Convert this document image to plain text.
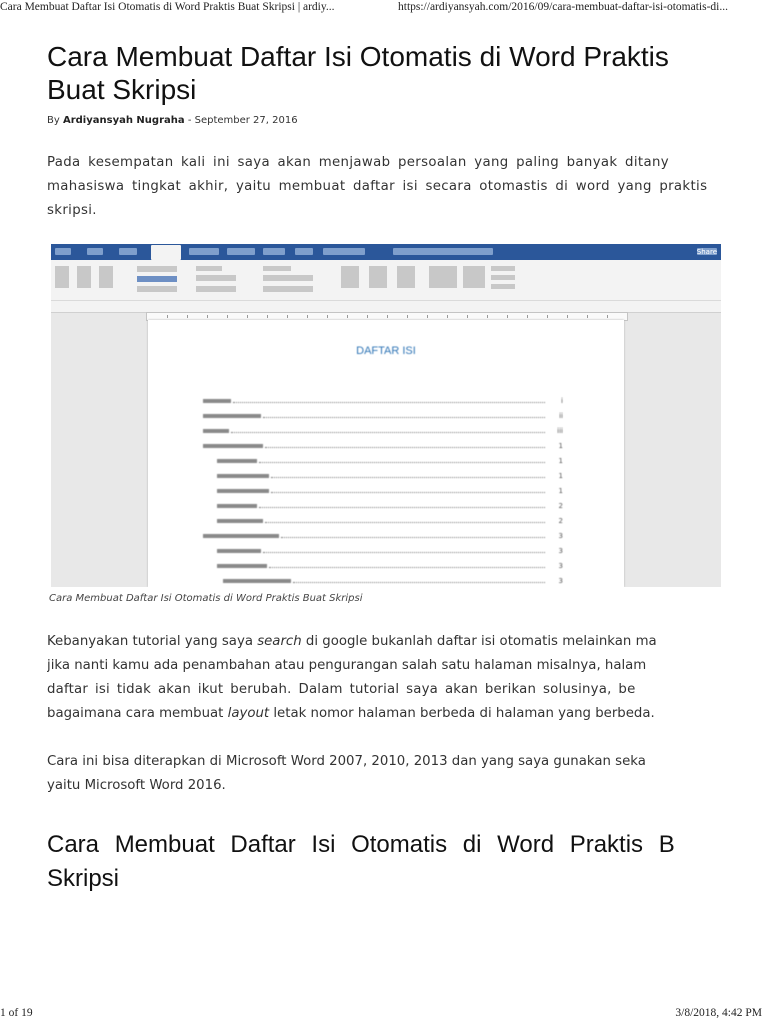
Cara Membuat Daftar Isi Otomatis di Word Praktis Buat Skripsi | ardiy...	https://ardiyansyah.com/2016/09/cara-membuat-daftar-isi-otomatis-di...
Cara Membuat Daftar Isi Otomatis di Word Praktis
Buat Skripsi
By Ardiyansyah Nugraha - September 27, 2016

Pada kesempatan kali ini saya akan menjawab persoalan yang paling banyak ditany
mahasiswa tingkat akhir, yaitu membuat daftar isi secara otomastis di word yang praktis
skripsi.

Share
DAFTAR ISI
i
ii
iii
1
1
1
1
2
2
3
3
3
3
Cara Membuat Daftar Isi Otomatis di Word Praktis Buat Skripsi

Kebanyakan tutorial yang saya search di google bukanlah daftar isi otomatis melainkan ma
jika nanti kamu ada penambahan atau pengurangan salah satu halaman misalnya, halam
daftar isi tidak akan ikut berubah. Dalam tutorial saya akan berikan solusinya, be
bagaimana cara membuat layout letak nomor halaman berbeda di halaman yang berbeda.

Cara ini bisa diterapkan di Microsoft Word 2007, 2010, 2013 dan yang saya gunakan seka
yaitu Microsoft Word 2016.

Cara Membuat Daftar Isi Otomatis di Word Praktis B
Skripsi
1 of 19	3/8/2018, 4:42 PM
